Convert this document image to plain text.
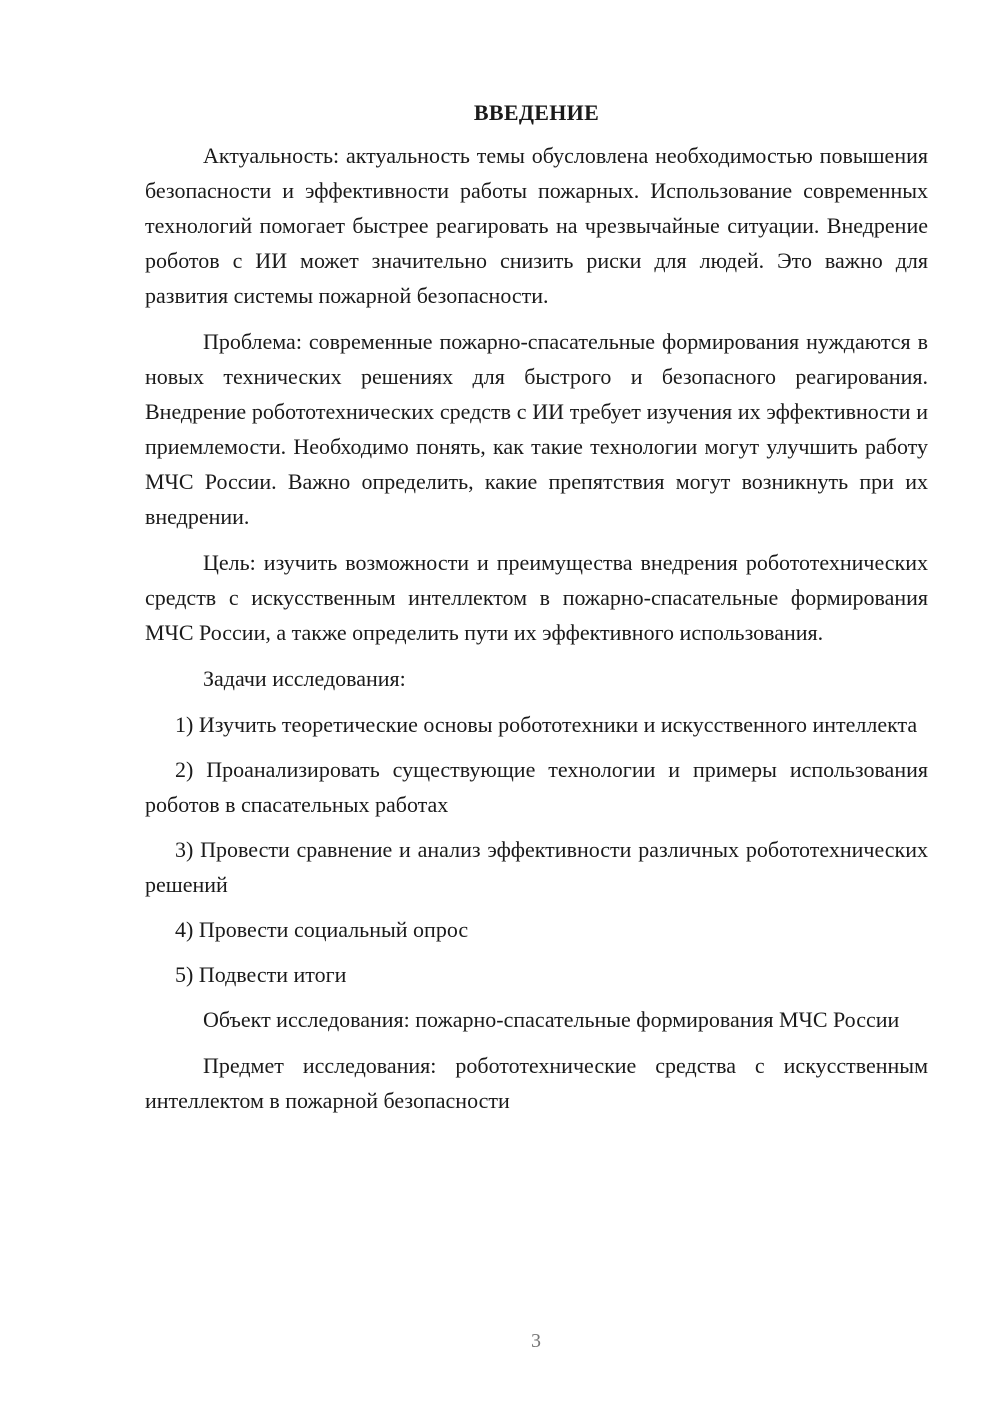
ВВЕДЕНИЕ

Актуальность: актуальность темы обусловлена необходимостью повышения безопасности и эффективности работы пожарных. Использование современных технологий помогает быстрее реагировать на чрезвычайные ситуации. Внедрение роботов с ИИ может значительно снизить риски для людей. Это важно для развития системы пожарной безопасности.

Проблема: современные пожарно-спасательные формирования нуждаются в новых технических решениях для быстрого и безопасного реагирования. Внедрение робототехнических средств с ИИ требует изучения их эффективности и приемлемости. Необходимо понять, как такие технологии могут улучшить работу МЧС России. Важно определить, какие препятствия могут возникнуть при их внедрении.

Цель: изучить возможности и преимущества внедрения робототехнических средств с искусственным интеллектом в пожарно-спасательные формирования МЧС России, а также определить пути их эффективного использования.

Задачи исследования:

1) Изучить теоретические основы робототехники и искусственного интеллекта

2) Проанализировать существующие технологии и примеры использования роботов в спасательных работах

3) Провести сравнение и анализ эффективности различных робототехнических решений

4) Провести социальный опрос

5) Подвести итоги

Объект исследования: пожарно-спасательные формирования МЧС России

Предмет исследования: робототехнические средства с искусственным интеллектом в пожарной безопасности

3
